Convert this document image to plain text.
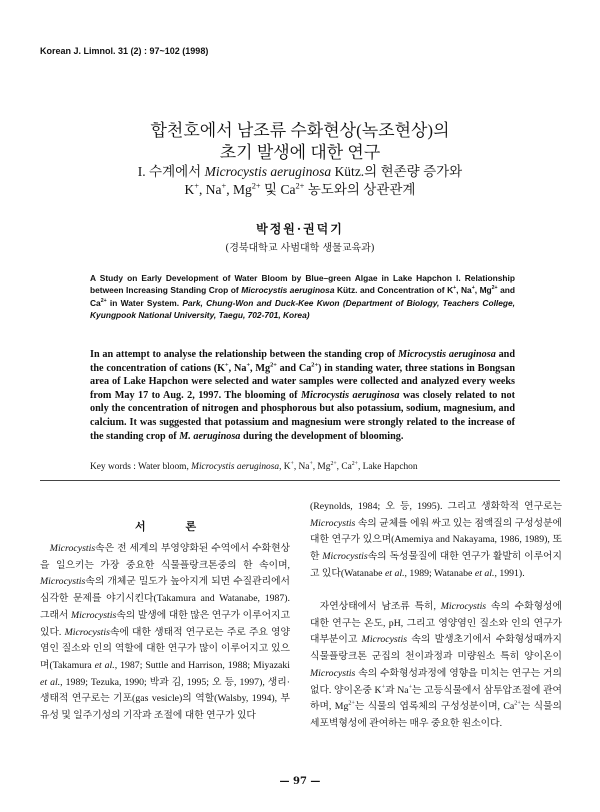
Korean J. Limnol. 31 (2) : 97~102 (1998)
합천호에서 남조류 수화현상(녹조현상)의
초기 발생에 대한 연구
I. 수계에서 Microcystis aeruginosa Kütz.의 현존량 증가와
K+, Na+, $Mg^{2+}$ 및 $Ca^{2+}$ 농도와의 상관관계
박정원·권덕기
(경북대학교 사범대학 생물교육과)
A Study on Early Development of Water Bloom by Blue–green Algae in Lake Hapchon I. Relationship between Increasing Standing Crop of Microcystis aeruginosa Kütz. and Concentration of K+, Na+, $Mg^{2+}$ and $Ca^{2+}$ in Water System. Park, Chung-Won and Duck-Kee Kwon (Department of Biology, Teachers College, Kyungpook National University, Taegu, 702-701, Korea)
In an attempt to analyse the relationship between the standing crop of Microcystis aeruginosa and the concentration of cations (K+, Na+, $Mg^{2+}$ and $Ca^{2+}$) in standing water, three stations in Bongsan area of Lake Hapchon were selected and water samples were collected and analyzed every weeks from May 17 to Aug. 2, 1997. The blooming of Microcystis aeruginosa was closely related to not only the concentration of nitrogen and phosphorous but also potassium, sodium, magnesium, and calcium. It was suggested that potassium and magnesium were strongly related to the increase of the standing crop of M. aeruginosa during the development of blooming.
Key words : Water bloom, Microcystis aeruginosa, K+, Na+, $Mg^{2+}$, $Ca^{2+}$, Lake Hapchon
서 론
Microcystis속은 전 세계의 부영양화된 수역에서 수화현상을 일으키는 가장 중요한 식물플랑크톤중의 한 속이며, Microcystis속의 개체군 밀도가 높아지게 되면 수질관리에서 심각한 문제를 야기시킨다(Takamura and Watanabe, 1987). 그래서 Microcystis속의 발생에 대한 많은 연구가 이루어지고 있다. Microcystis속에 대한 생태적 연구로는 주로 주요 영양염인 질소와 인의 역할에 대한 연구가 많이 이루어지고 있으며(Takamura et al., 1987; Suttle and Harrison, 1988; Miyazaki et al., 1989; Tezuka, 1990; 박과 김, 1995; 오 등, 1997), 생리·생태적 연구로는 기포(gas vesicle)의 역할(Walsby, 1994), 부유성 및 일주기성의 기작과 조절에 대한 연구가 있다
(Reynolds, 1984; 오 등, 1995). 그리고 생화학적 연구로는 Microcystis 속의 균체를 에워 싸고 있는 점액질의 구성성분에 대한 연구가 있으며(Amemiya and Nakayama, 1986, 1989), 또한 Microcystis속의 독성물질에 대한 연구가 활발히 이루어지고 있다(Watanabe et al., 1989; Watanabe et al., 1991).
자연상태에서 남조류 특히, Microcystis 속의 수화형성에 대한 연구는 온도, pH, 그리고 영양염인 질소와 인의 연구가 대부분이고 Microcystis 속의 발생초기에서 수화형성때까지 식물플랑크톤 군집의 천이과정과 미량원소 특히 양이온이 Microcystis 속의 수화형성과정에 영향을 미치는 연구는 거의 없다. 양이온중 K+과 Na+는 고등식물에서 삼투압조절에 관여하며, $Mg^{2+}$는 식물의 엽록체의 구성성분이며, $Ca^{2+}$는 식물의 세포벽형성에 관여하는 매우 중요한 원소이다.
— 97 —
